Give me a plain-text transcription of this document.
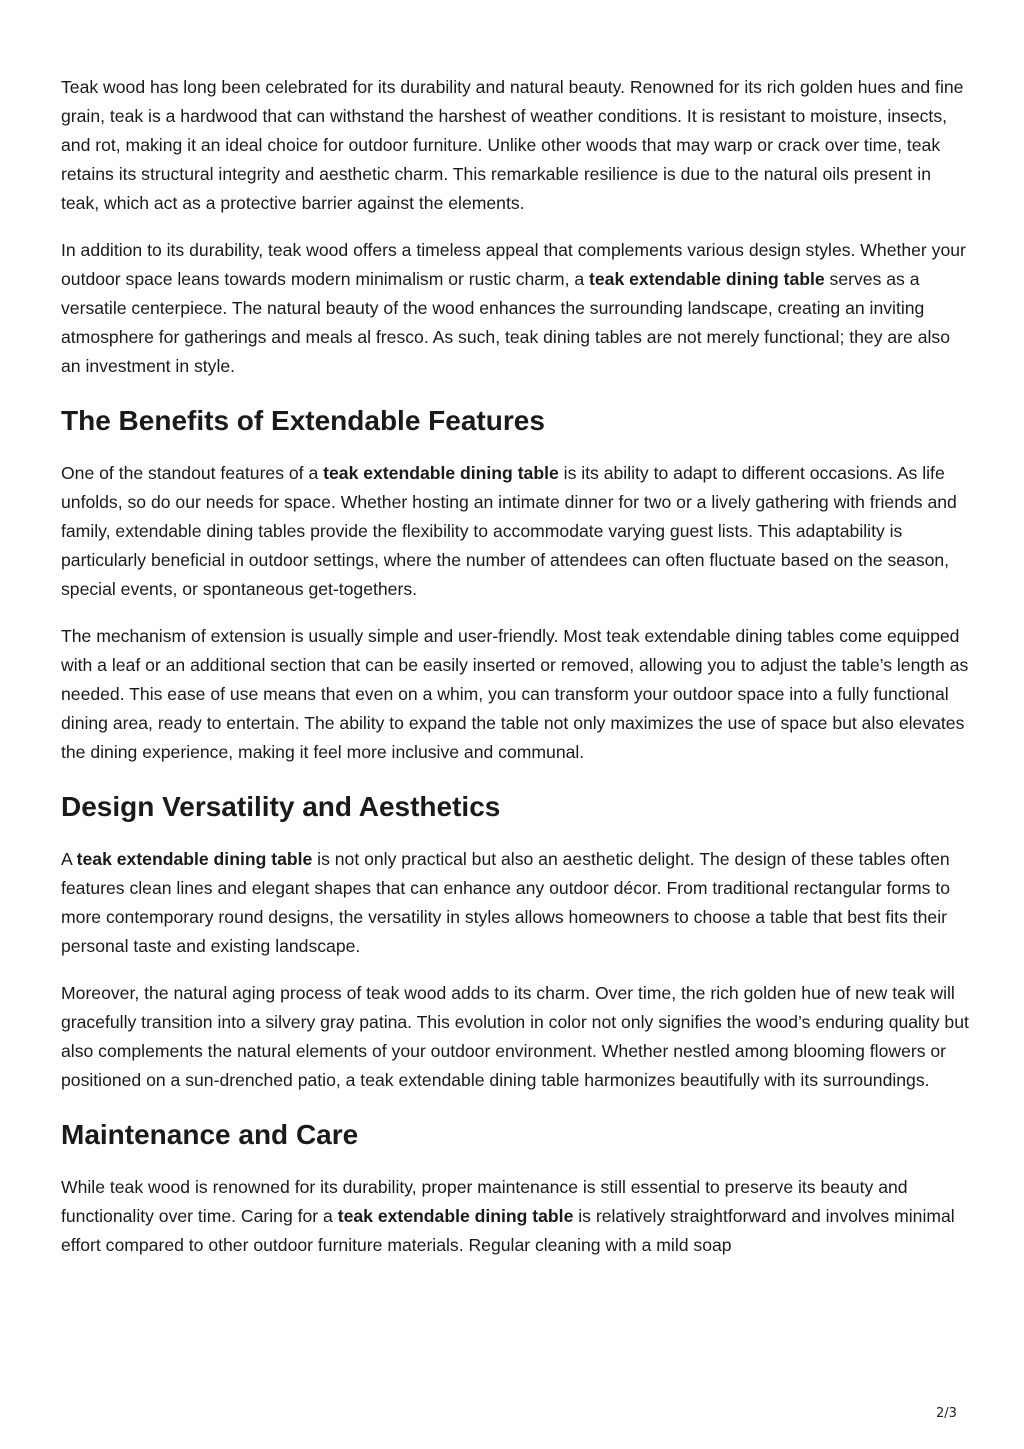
Teak wood has long been celebrated for its durability and natural beauty. Renowned for its rich golden hues and fine grain, teak is a hardwood that can withstand the harshest of weather conditions. It is resistant to moisture, insects, and rot, making it an ideal choice for outdoor furniture. Unlike other woods that may warp or crack over time, teak retains its structural integrity and aesthetic charm. This remarkable resilience is due to the natural oils present in teak, which act as a protective barrier against the elements.

In addition to its durability, teak wood offers a timeless appeal that complements various design styles. Whether your outdoor space leans towards modern minimalism or rustic charm, a teak extendable dining table serves as a versatile centerpiece. The natural beauty of the wood enhances the surrounding landscape, creating an inviting atmosphere for gatherings and meals al fresco. As such, teak dining tables are not merely functional; they are also an investment in style.

The Benefits of Extendable Features

One of the standout features of a teak extendable dining table is its ability to adapt to different occasions. As life unfolds, so do our needs for space. Whether hosting an intimate dinner for two or a lively gathering with friends and family, extendable dining tables provide the flexibility to accommodate varying guest lists. This adaptability is particularly beneficial in outdoor settings, where the number of attendees can often fluctuate based on the season, special events, or spontaneous get-togethers.

The mechanism of extension is usually simple and user-friendly. Most teak extendable dining tables come equipped with a leaf or an additional section that can be easily inserted or removed, allowing you to adjust the table’s length as needed. This ease of use means that even on a whim, you can transform your outdoor space into a fully functional dining area, ready to entertain. The ability to expand the table not only maximizes the use of space but also elevates the dining experience, making it feel more inclusive and communal.

Design Versatility and Aesthetics

A teak extendable dining table is not only practical but also an aesthetic delight. The design of these tables often features clean lines and elegant shapes that can enhance any outdoor décor. From traditional rectangular forms to more contemporary round designs, the versatility in styles allows homeowners to choose a table that best fits their personal taste and existing landscape.

Moreover, the natural aging process of teak wood adds to its charm. Over time, the rich golden hue of new teak will gracefully transition into a silvery gray patina. This evolution in color not only signifies the wood’s enduring quality but also complements the natural elements of your outdoor environment. Whether nestled among blooming flowers or positioned on a sun-drenched patio, a teak extendable dining table harmonizes beautifully with its surroundings.

Maintenance and Care

While teak wood is renowned for its durability, proper maintenance is still essential to preserve its beauty and functionality over time. Caring for a teak extendable dining table is relatively straightforward and involves minimal effort compared to other outdoor furniture materials. Regular cleaning with a mild soap

2/3
